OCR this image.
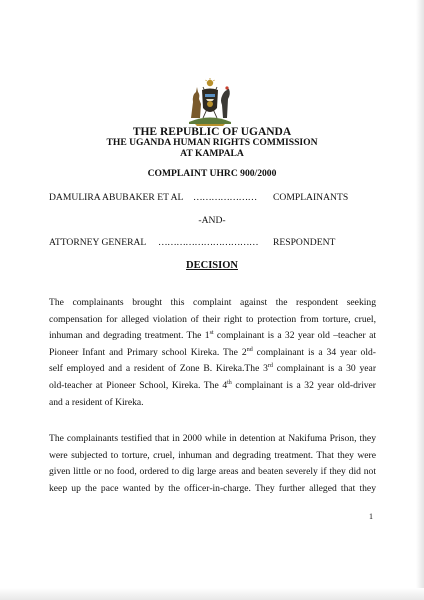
THE REPUBLIC OF UGANDA
THE UGANDA HUMAN RIGHTS COMMISSION
AT KAMPALA
COMPLAINT UHRC 900/2000
DAMULIRA ABUBAKER ET AL ………………… COMPLAINANTS
-AND-
ATTORNEY GENERAL …………………………… RESPONDENT
DECISION
The complainants brought this complaint against the respondent seeking
compensation for alleged violation of their right to protection from torture, cruel,
inhuman and degrading treatment. The 1st complainant is a 32 year old –teacher at
Pioneer Infant and Primary school Kireka. The 2nd complainant is a 34 year old-
self employed and a resident of Zone B. Kireka.The 3rd complainant is a 30 year
old-teacher at Pioneer School, Kireka. The 4th complainant is a 32 year old-driver
and a resident of Kireka.
The complainants testified that in 2000 while in detention at Nakifuma Prison, they
were subjected to torture, cruel, inhuman and degrading treatment. That they were
given little or no food, ordered to dig large areas and beaten severely if they did not
keep up the pace wanted by the officer-in-charge. They further alleged that they
1
